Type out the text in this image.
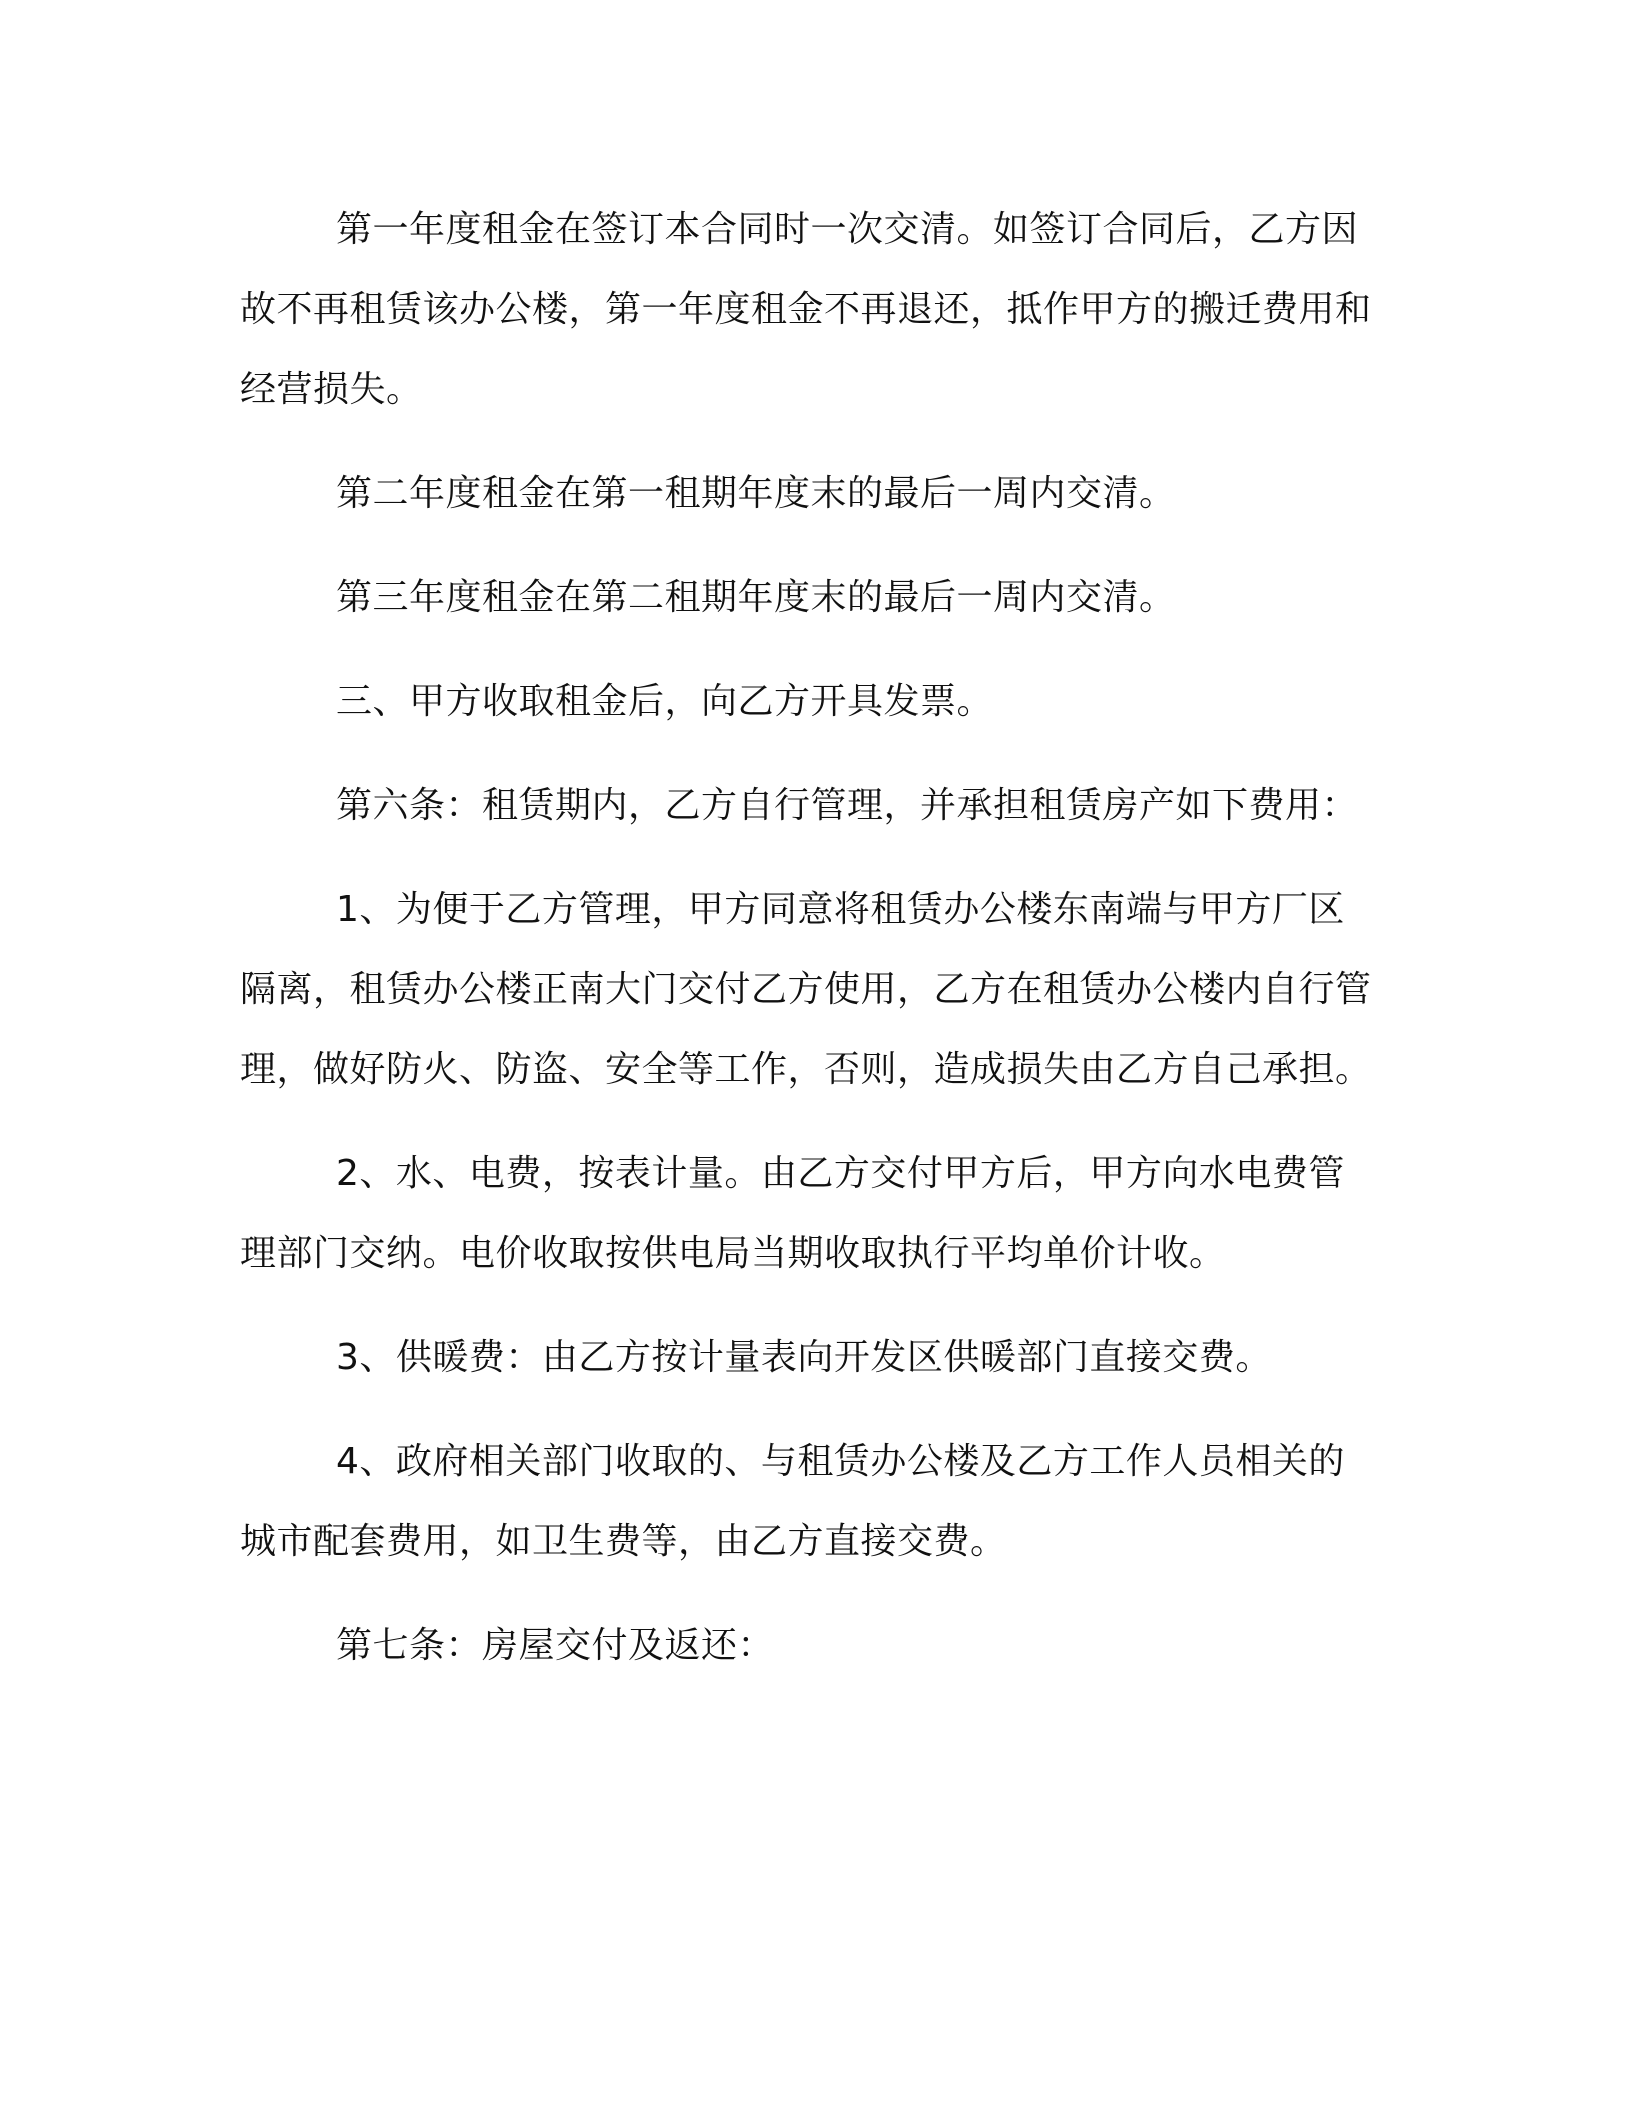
第一年度租金在签订本合同时一次交清。如签订合同后，乙方因故不再租赁该办公楼，第一年度租金不再退还，抵作甲方的搬迁费用和经营损失。

第二年度租金在第一租期年度末的最后一周内交清。

第三年度租金在第二租期年度末的最后一周内交清。

三、甲方收取租金后，向乙方开具发票。

第六条：租赁期内，乙方自行管理，并承担租赁房产如下费用：

1、为便于乙方管理，甲方同意将租赁办公楼东南端与甲方厂区隔离，租赁办公楼正南大门交付乙方使用，乙方在租赁办公楼内自行管理，做好防火、防盗、安全等工作，否则，造成损失由乙方自己承担。

2、水、电费，按表计量。由乙方交付甲方后，甲方向水电费管理部门交纳。电价收取按供电局当期收取执行平均单价计收。

3、供暖费：由乙方按计量表向开发区供暖部门直接交费。

4、政府相关部门收取的、与租赁办公楼及乙方工作人员相关的城市配套费用，如卫生费等，由乙方直接交费。

第七条：房屋交付及返还：
